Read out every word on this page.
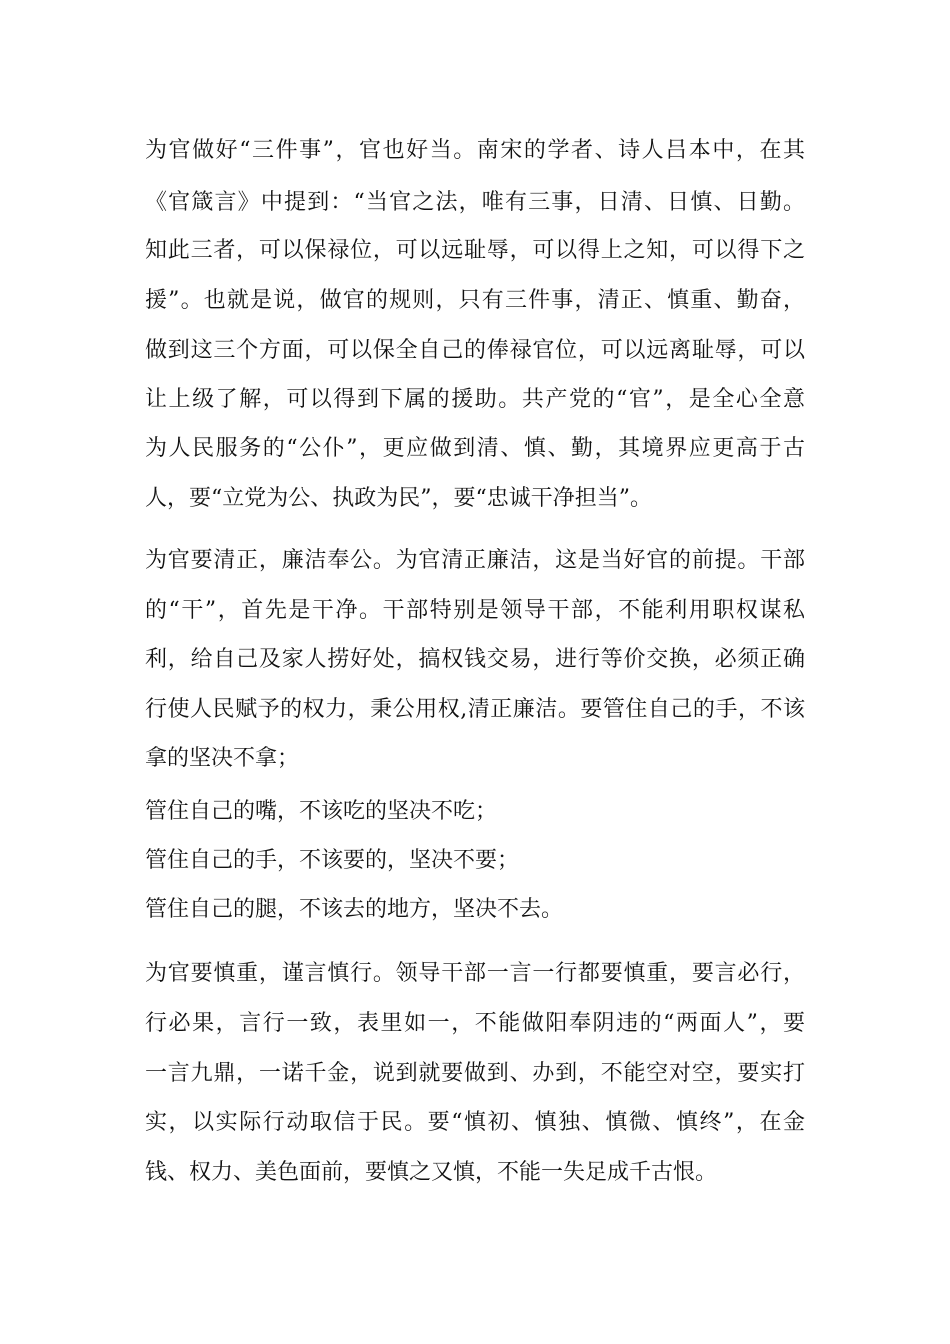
为官做好“三件事”，官也好当。南宋的学者、诗人吕本中，在其
《官箴言》中提到：“当官之法，唯有三事，日清、日慎、日勤。
知此三者，可以保禄位，可以远耻辱，可以得上之知，可以得下之
援”。也就是说，做官的规则，只有三件事，清正、慎重、勤奋，
做到这三个方面，可以保全自己的俸禄官位，可以远离耻辱，可以
让上级了解，可以得到下属的援助。共产党的“官”，是全心全意
为人民服务的“公仆”，更应做到清、慎、勤，其境界应更高于古
人，要“立党为公、执政为民”，要“忠诚干净担当”。
为官要清正，廉洁奉公。为官清正廉洁，这是当好官的前提。干部
的“干”，首先是干净。干部特别是领导干部，不能利用职权谋私
利，给自己及家人捞好处，搞权钱交易，进行等价交换，必须正确
行使人民赋予的权力，秉公用权,清正廉洁。要管住自己的手，不该
拿的坚决不拿；
管住自己的嘴，不该吃的坚决不吃；
管住自己的手，不该要的，坚决不要；
管住自己的腿，不该去的地方，坚决不去。
为官要慎重，谨言慎行。领导干部一言一行都要慎重，要言必行，
行必果，言行一致，表里如一，不能做阳奉阴违的“两面人”，要
一言九鼎，一诺千金，说到就要做到、办到，不能空对空，要实打
实，以实际行动取信于民。要“慎初、慎独、慎微、慎终”，在金
钱、权力、美色面前，要慎之又慎，不能一失足成千古恨。
